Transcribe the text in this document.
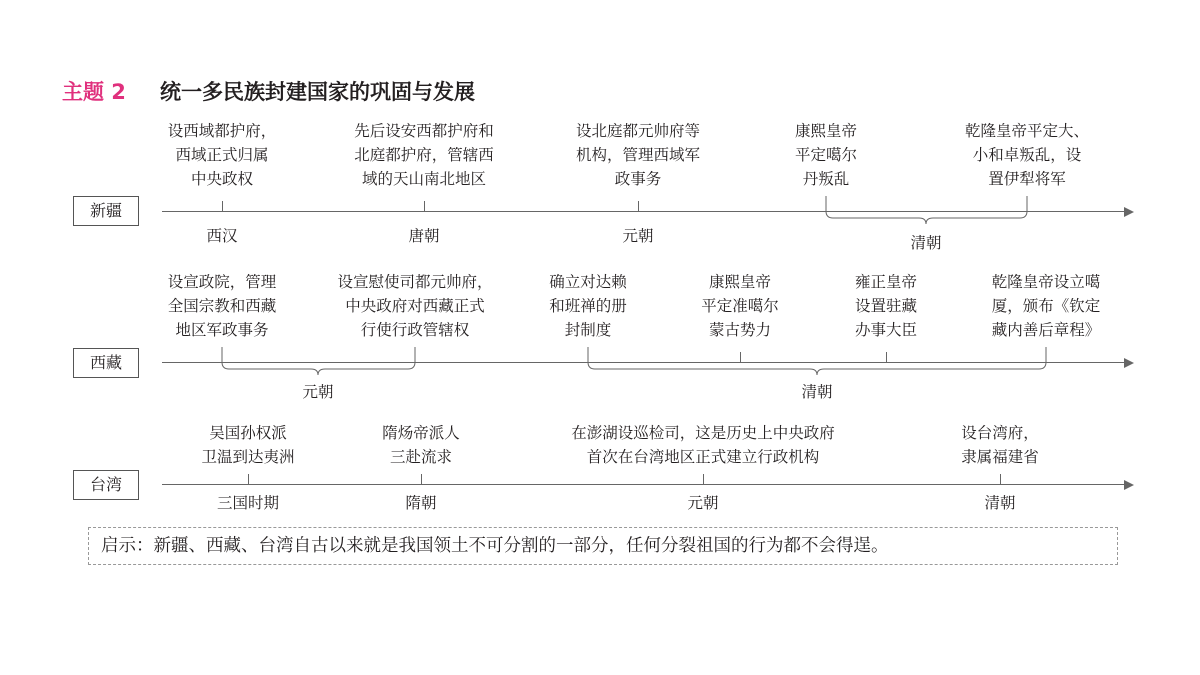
主题 2 统一多民族封建国家的巩固与发展
新疆
设西域都护府，
西域正式归属
中央政权
西汉
先后设安西都护府和
北庭都护府，管辖西
域的天山南北地区
唐朝
设北庭都元帅府等
机构，管理西域军
政事务
元朝
康熙皇帝
平定噶尔
丹叛乱
乾隆皇帝平定大、
小和卓叛乱，设
置伊犁将军
清朝
西藏
设宣政院，管理
全国宗教和西藏
地区军政事务
设宣慰使司都元帅府，
中央政府对西藏正式
行使行政管辖权
确立对达赖
和班禅的册
封制度
康熙皇帝
平定准噶尔
蒙古势力
雍正皇帝
设置驻藏
办事大臣
乾隆皇帝设立噶
厦，颁布《钦定
藏内善后章程》
元朝	清朝
台湾
吴国孙权派
卫温到达夷洲
三国时期
隋炀帝派人
三赴流求
隋朝
在澎湖设巡检司，这是历史上中央政府
首次在台湾地区正式建立行政机构
元朝
设台湾府，
隶属福建省
清朝
启示：新疆、西藏、台湾自古以来就是我国领土不可分割的一部分，任何分裂祖国的行为都不会得逞。
